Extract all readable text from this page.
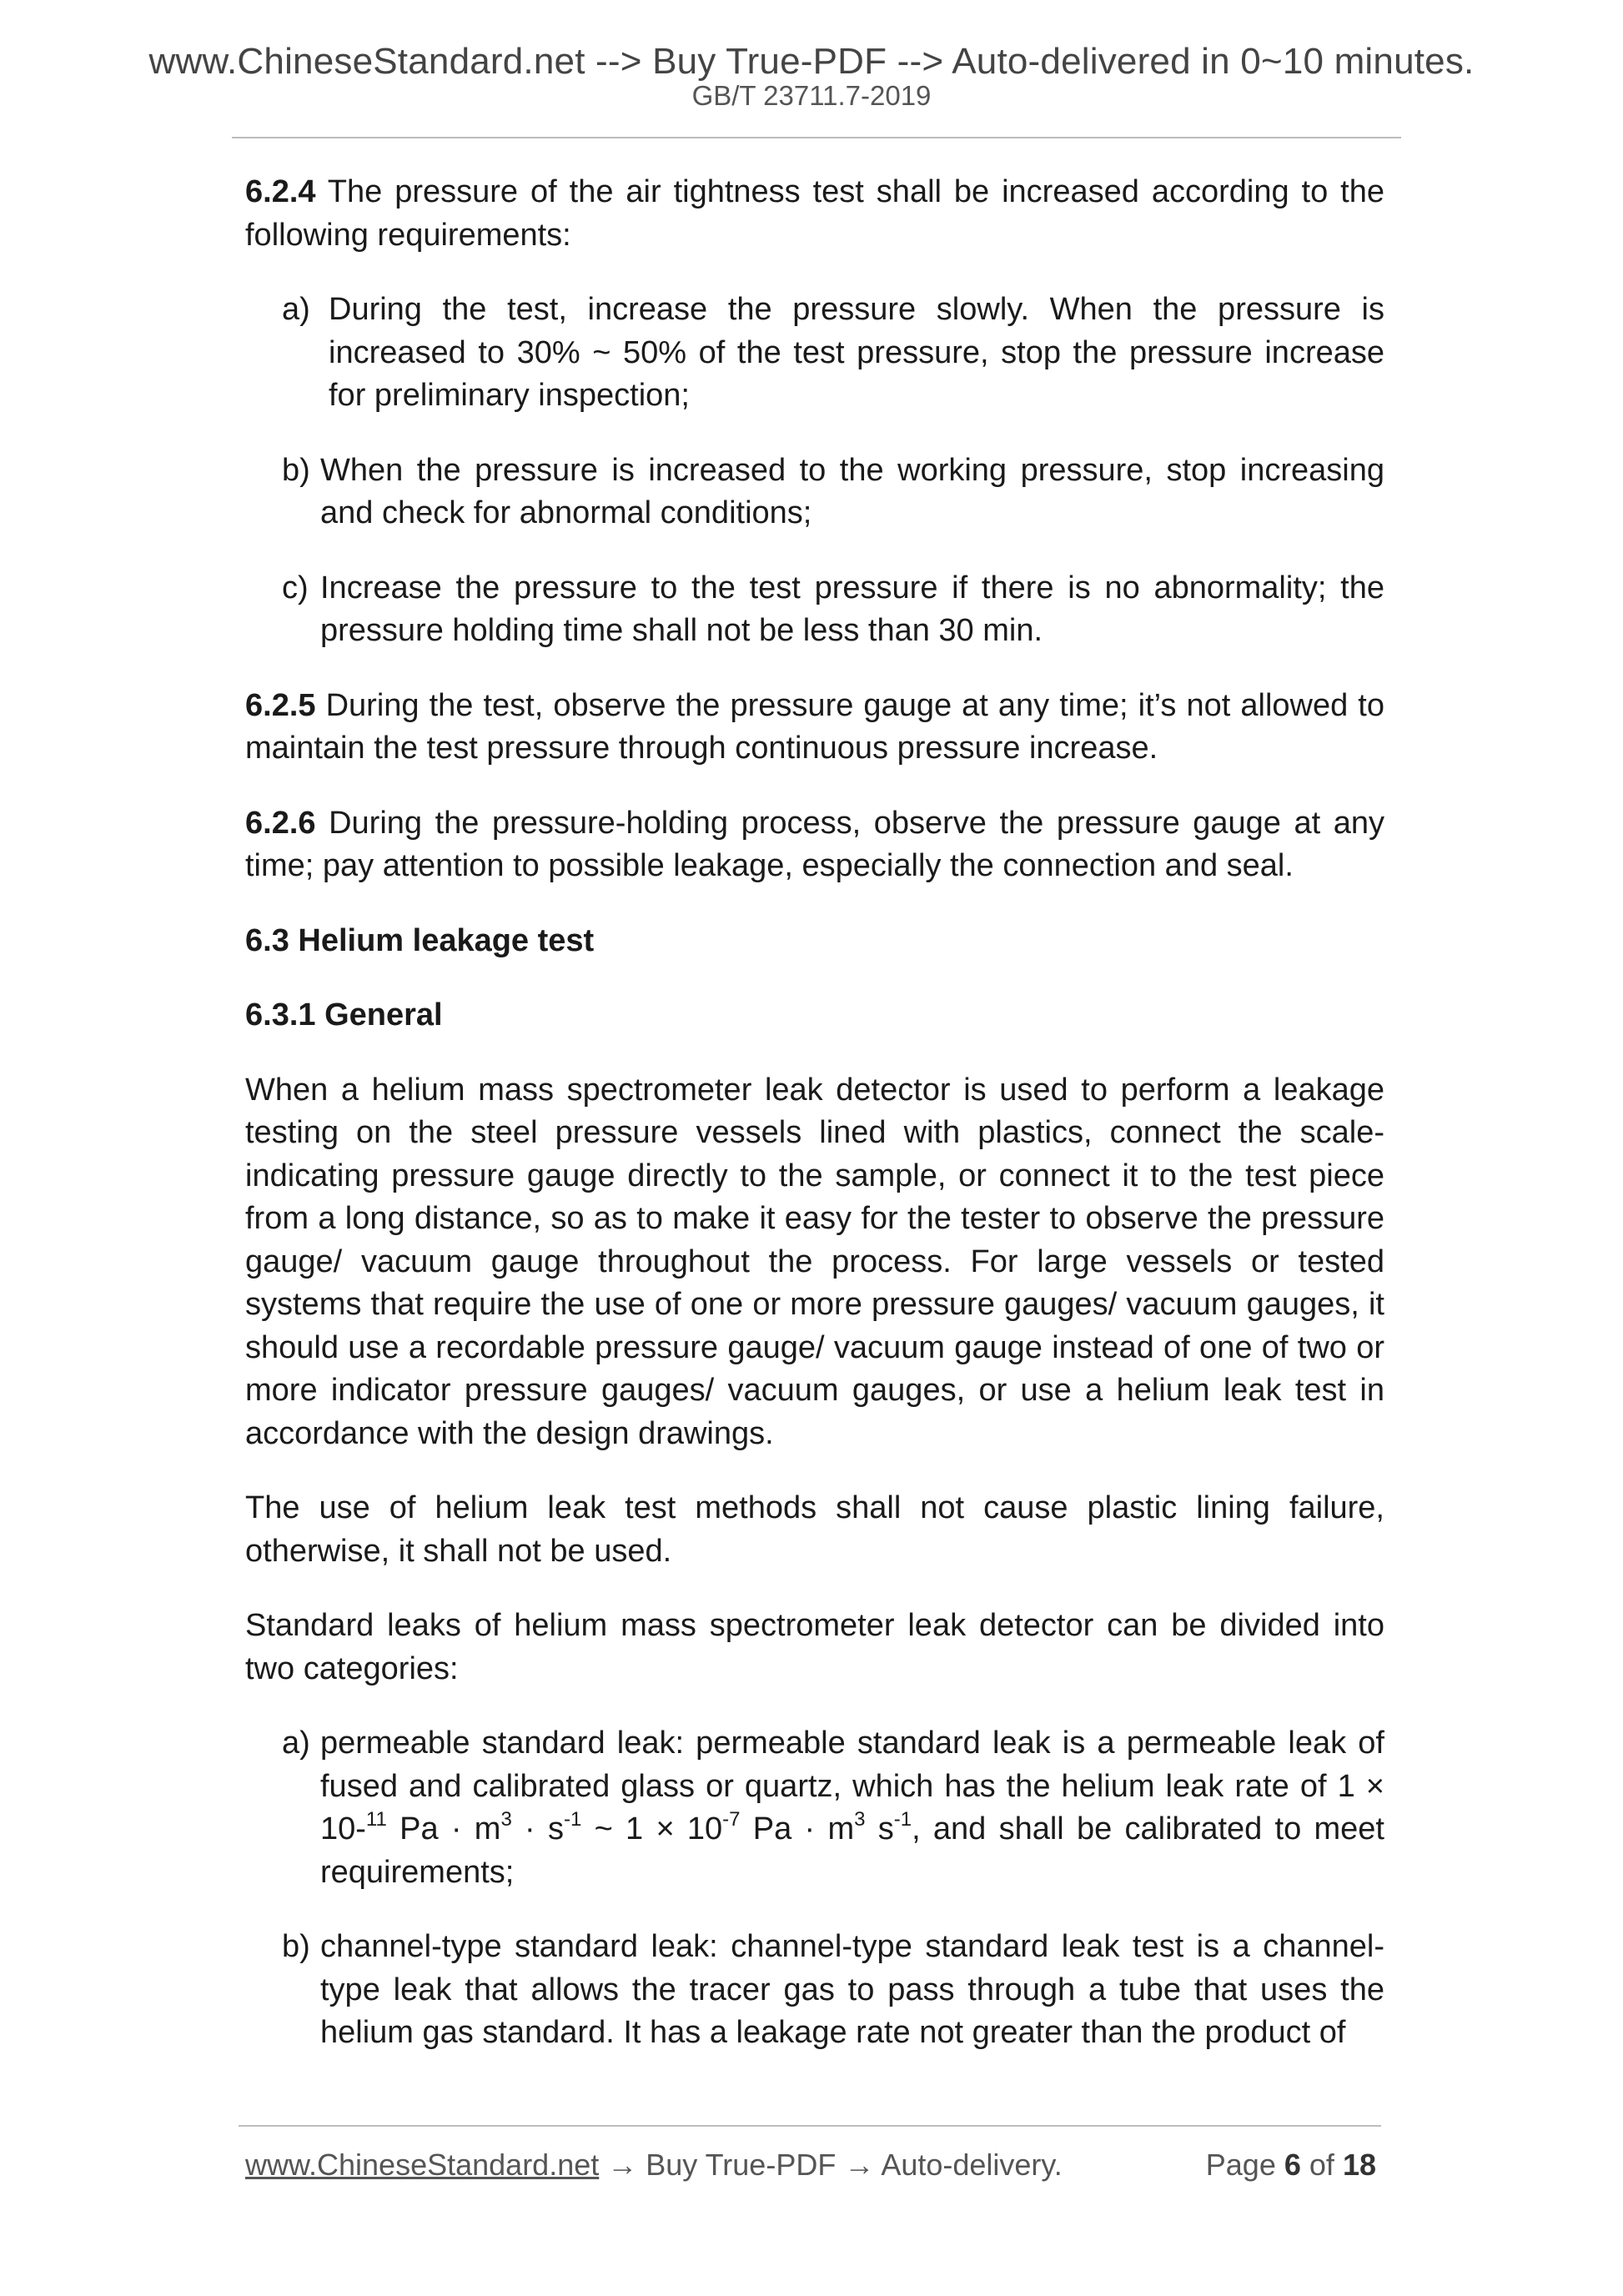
www.ChineseStandard.net --> Buy True-PDF --> Auto-delivered in 0~10 minutes.
GB/T 23711.7-2019

6.2.4 The pressure of the air tightness test shall be increased according to the following requirements:

a) During the test, increase the pressure slowly. When the pressure is increased to 30% ~ 50% of the test pressure, stop the pressure increase for preliminary inspection;
b) When the pressure is increased to the working pressure, stop increasing and check for abnormal conditions;
c) Increase the pressure to the test pressure if there is no abnormality; the pressure holding time shall not be less than 30 min.

6.2.5 During the test, observe the pressure gauge at any time; it’s not allowed to maintain the test pressure through continuous pressure increase.

6.2.6 During the pressure-holding process, observe the pressure gauge at any time; pay attention to possible leakage, especially the connection and seal.

6.3 Helium leakage test

6.3.1 General

When a helium mass spectrometer leak detector is used to perform a leakage testing on the steel pressure vessels lined with plastics, connect the scale-indicating pressure gauge directly to the sample, or connect it to the test piece from a long distance, so as to make it easy for the tester to observe the pressure gauge/ vacuum gauge throughout the process. For large vessels or tested systems that require the use of one or more pressure gauges/ vacuum gauges, it should use a recordable pressure gauge/ vacuum gauge instead of one of two or more indicator pressure gauges/ vacuum gauges, or use a helium leak test in accordance with the design drawings.

The use of helium leak test methods shall not cause plastic lining failure, otherwise, it shall not be used.

Standard leaks of helium mass spectrometer leak detector can be divided into two categories:

a) permeable standard leak: permeable standard leak is a permeable leak of fused and calibrated glass or quartz, which has the helium leak rate of 1 × 10-$^{11}$ $Pa \cdot m^3 \cdot s^{-1}$ ~ $1 \times 10^{-7}$ $Pa \cdot m^3$ $s^{-1}$, and shall be calibrated to meet requirements;
b) channel-type standard leak: channel-type standard leak test is a channel-type leak that allows the tracer gas to pass through a tube that uses the helium gas standard. It has a leakage rate not greater than the product of
www.ChineseStandard.net → Buy True-PDF → Auto-delivery.	Page 6 of 18
